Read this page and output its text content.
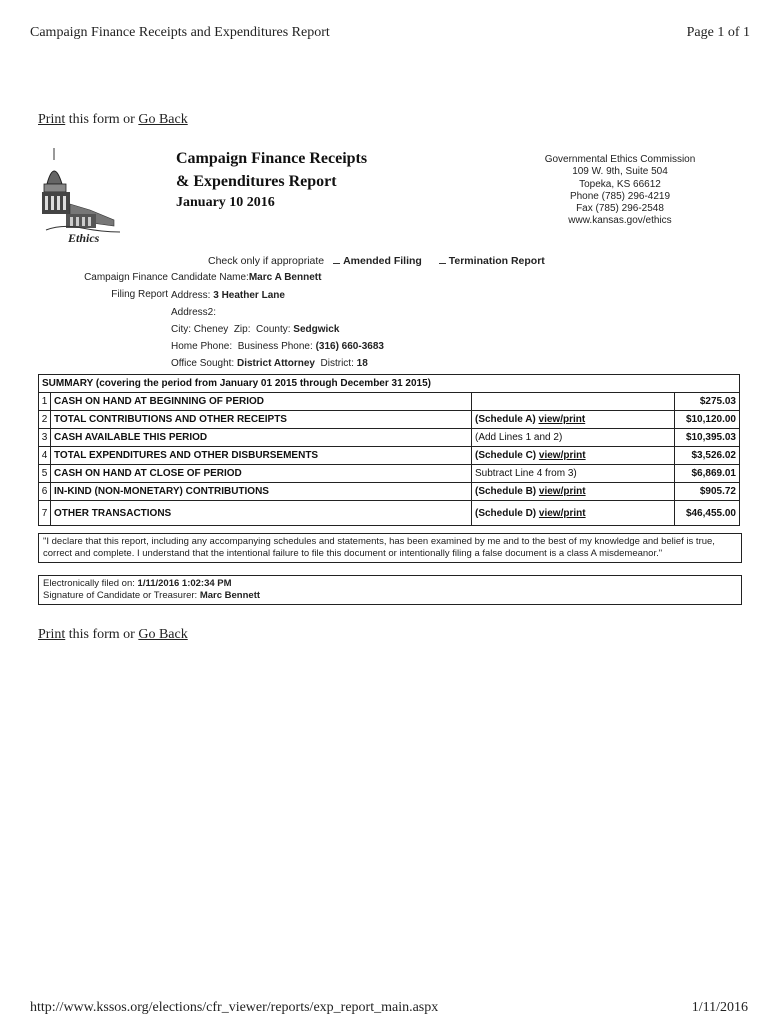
Campaign Finance Receipts and Expenditures Report	Page 1 of 1
Print this form or Go Back
Ethics
Campaign Finance Receipts
& Expenditures Report
January 10 2016
Governmental Ethics Commission
109 W. 9th, Suite 504
Topeka, KS 66612
Phone (785) 296-4219
Fax (785) 296-2548
www.kansas.gov/ethics
Check only if appropriate Amended Filing	Termination Report
Campaign Finance
Filing Report
Candidate Name:Marc A Bennett
Address: 3 Heather Lane
Address2:
City: Cheney Zip: County: Sedgwick
Home Phone: Business Phone: (316) 660-3683
Office Sought: District Attorney District: 18
SUMMARY (covering the period from January 01 2015 through December 31 2015)			
1	CASH ON HAND AT BEGINNING OF PERIOD		$275.03
2	TOTAL CONTRIBUTIONS AND OTHER RECEIPTS	(Schedule A) view/print	$10,120.00
3	CASH AVAILABLE THIS PERIOD	(Add Lines 1 and 2)	$10,395.03
4	TOTAL EXPENDITURES AND OTHER DISBURSEMENTS	(Schedule C) view/print	$3,526.02
5	CASH ON HAND AT CLOSE OF PERIOD	Subtract Line 4 from 3)	$6,869.01
6	IN-KIND (NON-MONETARY) CONTRIBUTIONS	(Schedule B) view/print	$905.72
7	OTHER TRANSACTIONS	(Schedule D) view/print	$46,455.00
"I declare that this report, including any accompanying schedules and statements, has been examined by me and to the best of my knowledge and belief is true, correct and complete. I understand that the intentional failure to file this document or intentionally filing a false document is a class A misdemeanor."
Electronically filed on: 1/11/2016 1:02:34 PM
Signature of Candidate or Treasurer: Marc Bennett
Print this form or Go Back
http://www.kssos.org/elections/cfr_viewer/reports/exp_report_main.aspx	1/11/2016
